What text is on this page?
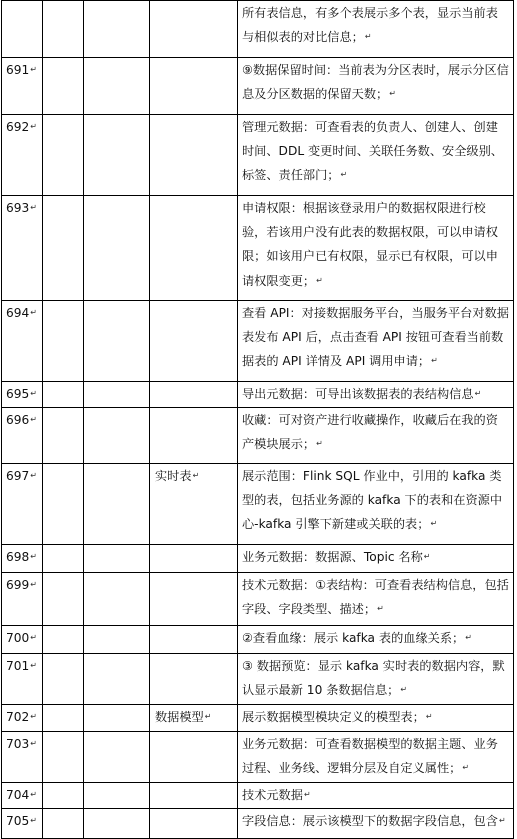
				所有表信息，有多个表展示多个表，显示当前表与相似表的对比信息；↵
691↵				⑨数据保留时间：当前表为分区表时，展示分区信息及分区数据的保留天数；↵
692↵				管理元数据：可查看表的负责人、创建人、创建时间、DDL 变更时间、关联任务数、安全级别、标签、责任部门；↵
693↵				申请权限：根据该登录用户的数据权限进行校验，若该用户没有此表的数据权限，可以申请权限；如该用户已有权限，显示已有权限，可以申请权限变更；↵
694↵				查看 API：对接数据服务平台，当服务平台对数据表发布 API 后，点击查看 API 按钮可查看当前数据表的 API 详情及 API 调用申请；↵
695↵				导出元数据：可导出该数据表的表结构信息↵
696↵				收藏：可对资产进行收藏操作，收藏后在我的资产模块展示；↵
697↵			实时表↵	展示范围：Flink SQL 作业中，引用的 kafka 类型的表，包括业务源的 kafka 下的表和在资源中心-kafka 引擎下新建或关联的表；↵
698↵				业务元数据：数据源、Topic 名称↵
699↵				技术元数据：①表结构：可查看表结构信息，包括字段、字段类型、描述；↵
700↵				②查看血缘：展示 kafka 表的血缘关系；↵
701↵				③ 数据预览：显示 kafka 实时表的数据内容，默认显示最新 10 条数据信息；↵
702↵			数据模型↵	展示数据模型模块定义的模型表；↵
703↵				业务元数据：可查看数据模型的数据主题、业务过程、业务线、逻辑分层及自定义属性；↵
704↵				技术元数据↵
705↵				字段信息：展示该模型下的数据字段信息，包含↵
